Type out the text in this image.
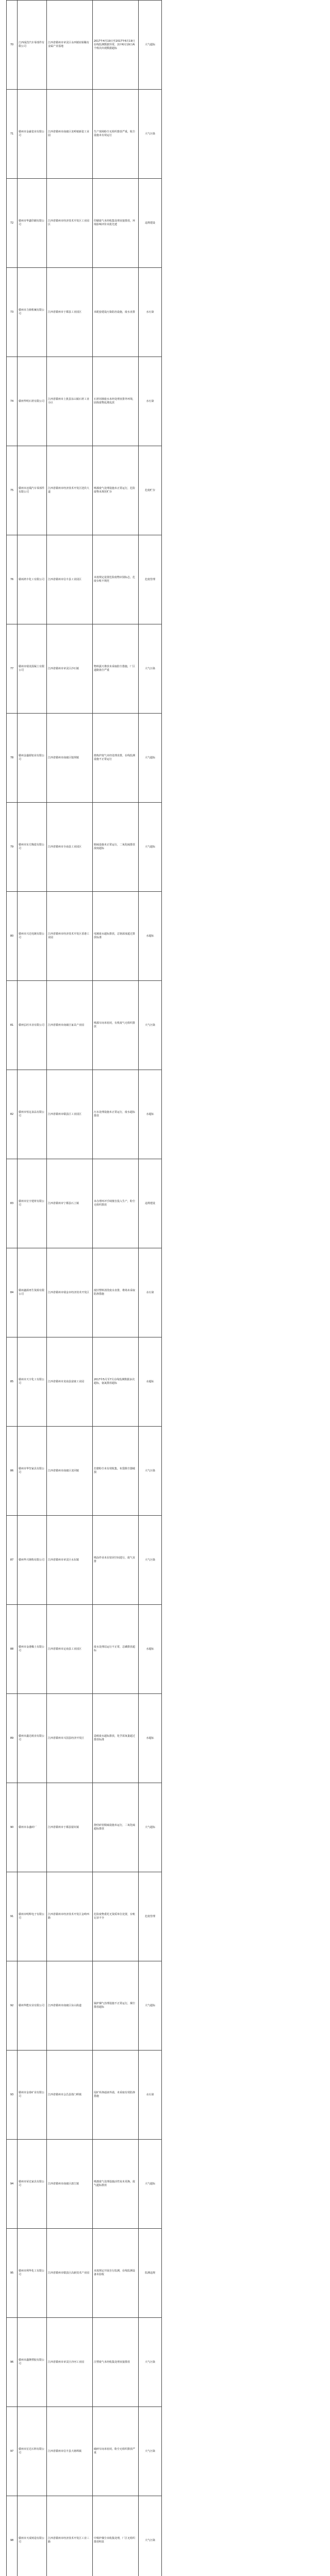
70	江西成浩汽车零部件有限公司	江西省赣州市章贡区水西镇钴钼稀有金属产业基地	2017年4月19日至2017年6月19日在线监测数据异常，其中6月19日两个班次出现数据超标	大气超标
71	赣州市金豪瓷业有限公司	江西省赣州市南康区龙岭镇新瓷工业园	生产现场粉尘无组织排放严重，收尘设施未有效运行	大气污染
72	赣州市华鑫印刷有限公司	江西省赣州市经济技术开发区工业园区	印刷废气未经收集处理直接排放，环境影响评价未批先建	违规建设
73	赣州市力鼎机械有限公司	江西省赣州市于都县工业园区	未配套建设污染防治设施，废水直排	水污染
74	赣州华明石材有限公司	江西省赣州市上犹县东山镇石材工业小区	石材切割废水未经处理直排外环境，固体废物乱堆乱放	水污染
75	赣州市迈瑞汽车零部件有限公司	江西省赣州市经济技术开发区迎宾大道	喷漆废气处理设施未正常运行，危险废物未规范贮存	危废贮存
76	赣州鸿丰化工有限公司	江西省赣州市信丰县工业园区	未按规定设置危险废物识别标志，危废台账不规范	危废管理
77	赣州市瑞龙混凝土有限公司	江西省赣州市章贡区沙石镇	物料露天堆放未采取防尘措施，厂区道路扬尘严重	大气污染
78	赣州金盛源铝业有限公司	江西省赣州市南康区镜坝镇	熔炼炉废气未经处理直排，在线监测设施不正常运行	大气超标
79	赣州市东方陶瓷有限公司	江西省赣州市全南县工业园区	脱硫设施未正常运行，二氧化硫排放浓度超标	大气超标
80	赣州市兴达电镀有限公司	江西省赣州市经济技术开发区香港工业园	电镀废水超标排放，总铬浓度超过排放标准	水超标
81	赣州弘旺木业有限公司	江西省赣州市南康区家具产业园	喷漆车间未密闭，有机废气无组织排放	大气污染
82	赣州市恒远食品有限公司	江西省赣州市赣县区工业园区	污水处理设施未正常运行，废水超标排放	水超标
83	赣州市宏宇建材有限公司	江西省赣州市宁都县石上镇	未办理环评手续擅自投入生产，粉尘无组织排放	违规建设
84	赣州鑫源再生资源有限公司	江西省赣州市瑞金市经济技术开发区	废旧塑料清洗废水直排，堆场未采取防渗措施	水污染
85	赣州市天宇化工有限公司	江西省赣州市龙南县富康工业园	2017年5月至7月在线监测数据多次超标，氨氮排放超标	水超标
86	赣州市华坚家具有限公司	江西省赣州市南康区龙回镇	打磨粉尘未有效收集，布袋除尘器破损	大气污染
87	赣州华兴钢构有限公司	江西省赣州市章贡区水东镇	喷涂作业未在密闭空间进行，废气直排	大气污染
88	赣州市金港稀土有限公司	江西省赣州市定南县工业园区	废水处理站运行不正常，总磷排放超标	水超标
89	赣州市鑫达纸业有限公司	江西省赣州市兴国县经济开发区	造纸废水超标排放，化学需氧量超过排放标准	水超标
90	赣州市永盛砖厂	江西省赣州市于都县银坑镇	烧结砖窑脱硫设施未运行，二氧化硫超标排放	大气超标
91	赣州市明辉电子有限公司	江西省赣州市经济技术开发区金岭西路	危险废物委托无资质单位处置，台账记录不全	危废管理
92	赣州华能实业有限公司	江西省赣州市南康区东山街道	锅炉烟气治理设施不正常运行，烟尘排放超标	大气超标
93	赣州市金泰矿业有限公司	江西省赣州市会昌县筠门岭镇	尾矿库渗滤液外溢，未采取有效防渗措施	水污染
94	赣州市荣达家具有限公司	江西省赣州市南康区唐江镇	喷漆废气处理设施活性炭未更换，废气超标排放	大气超标
95	赣州市利华化工有限公司	江西省赣州市赣县区高新技术产业园	未按规定开展自行监测，在线监测设备未验收	监测违规
96	赣州市鑫隆塑胶有限公司	江西省赣州市章贡区沙河工业园	注塑废气未经收集处理直接排放	大气污染
97	赣州市宏达石料有限公司	江西省赣州市信丰县大塘埠镇	破碎车间未密闭，粉尘无组织排放严重	大气污染
98	赣州市天成铸造有限公司	江西省赣州市经济技术开发区工业三路	中频炉烟尘未收集处理，厂区无组织排放明显	大气污染
